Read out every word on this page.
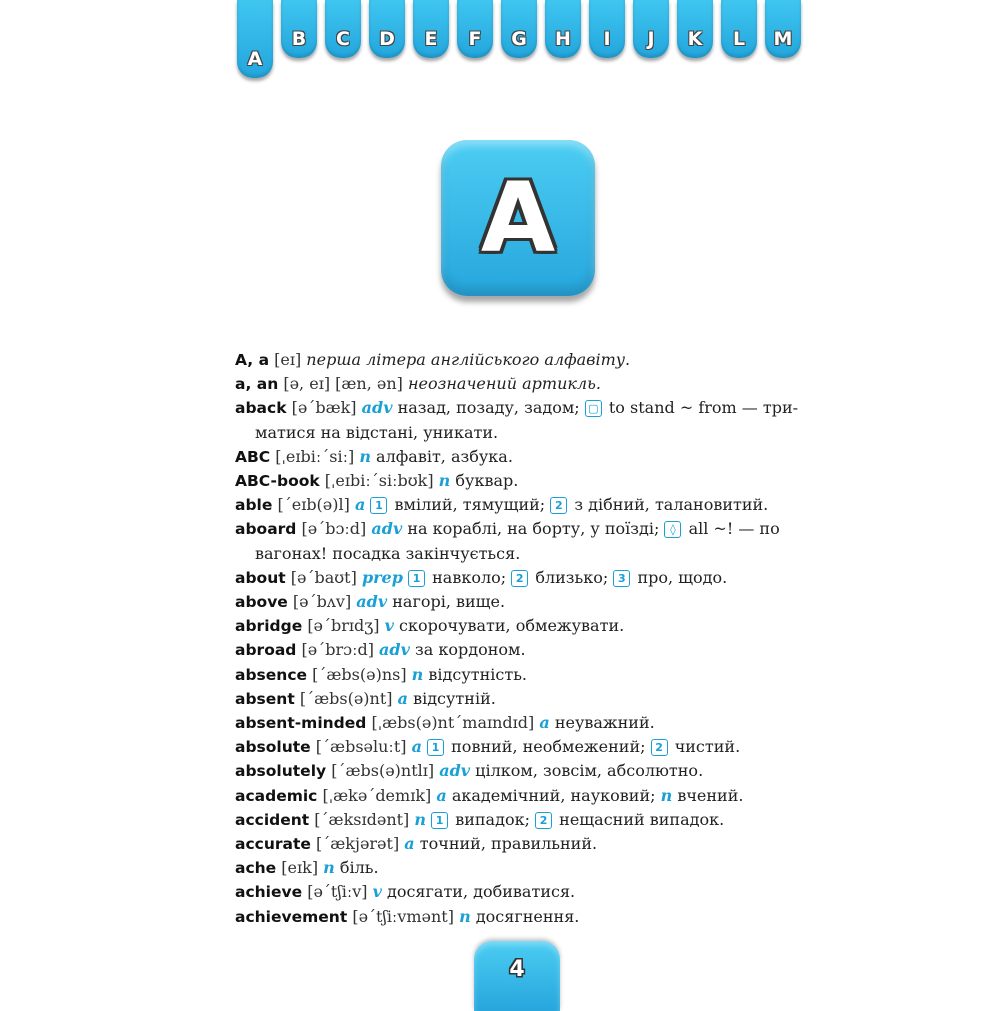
A
B	C	D	E	F	G	H	I	J	K	L	M
A
A, a [eɪ] перша літера англійського алфавіту.
a, an [ə, eɪ] [æn, ən] неозначений артикль.
aback [əˊbæk] adv назад, позаду, задом; ▢ to stand ~ from — три-
матися на відстані, уникати.
ABC [ˌeɪbiːˊsiː] n алфавіт, азбука.
ABC-book [ˌeɪbiːˊsiːbʊk] n буквар.
able [ˊeɪb(ə)l] a 1 вмілий, тямущий; 2 з дібний, талановитий.
aboard [əˊbɔːd] adv на кораблі, на борту, у поїзді; ◊ all ~! — по
вагонах! посадка закінчується.
about [əˊbaʊt] prep 1 навколо; 2 близько; 3 про, щодо.
above [əˊbʌv] adv нагорі, вище.
abridge [əˊbrɪdʒ] v скорочувати, обмежувати.
abroad [əˊbrɔːd] adv за кордоном.
absence [ˊæbs(ə)ns] n відсутність.
absent [ˊæbs(ə)nt] a відсутній.
absent-minded [ˌæbs(ə)ntˊmaɪndɪd] a неуважний.
absolute [ˊæbsəluːt] a 1 повний, необмежений; 2 чистий.
absolutely [ˊæbs(ə)ntlɪ] adv цілком, зовсім, абсолютно.
academic [ˌækəˊdemɪk] a академічний, науковий; n вчений.
accident [ˊæksɪdənt] n 1 випадок; 2 нещасний випадок.
accurate [ˊækjərət] a точний, правильний.
ache [eɪk] n біль.
achieve [əˊtʃiːv] v досягати, добиватися.
achievement [əˊtʃiːvmənt] n досягнення.
4
